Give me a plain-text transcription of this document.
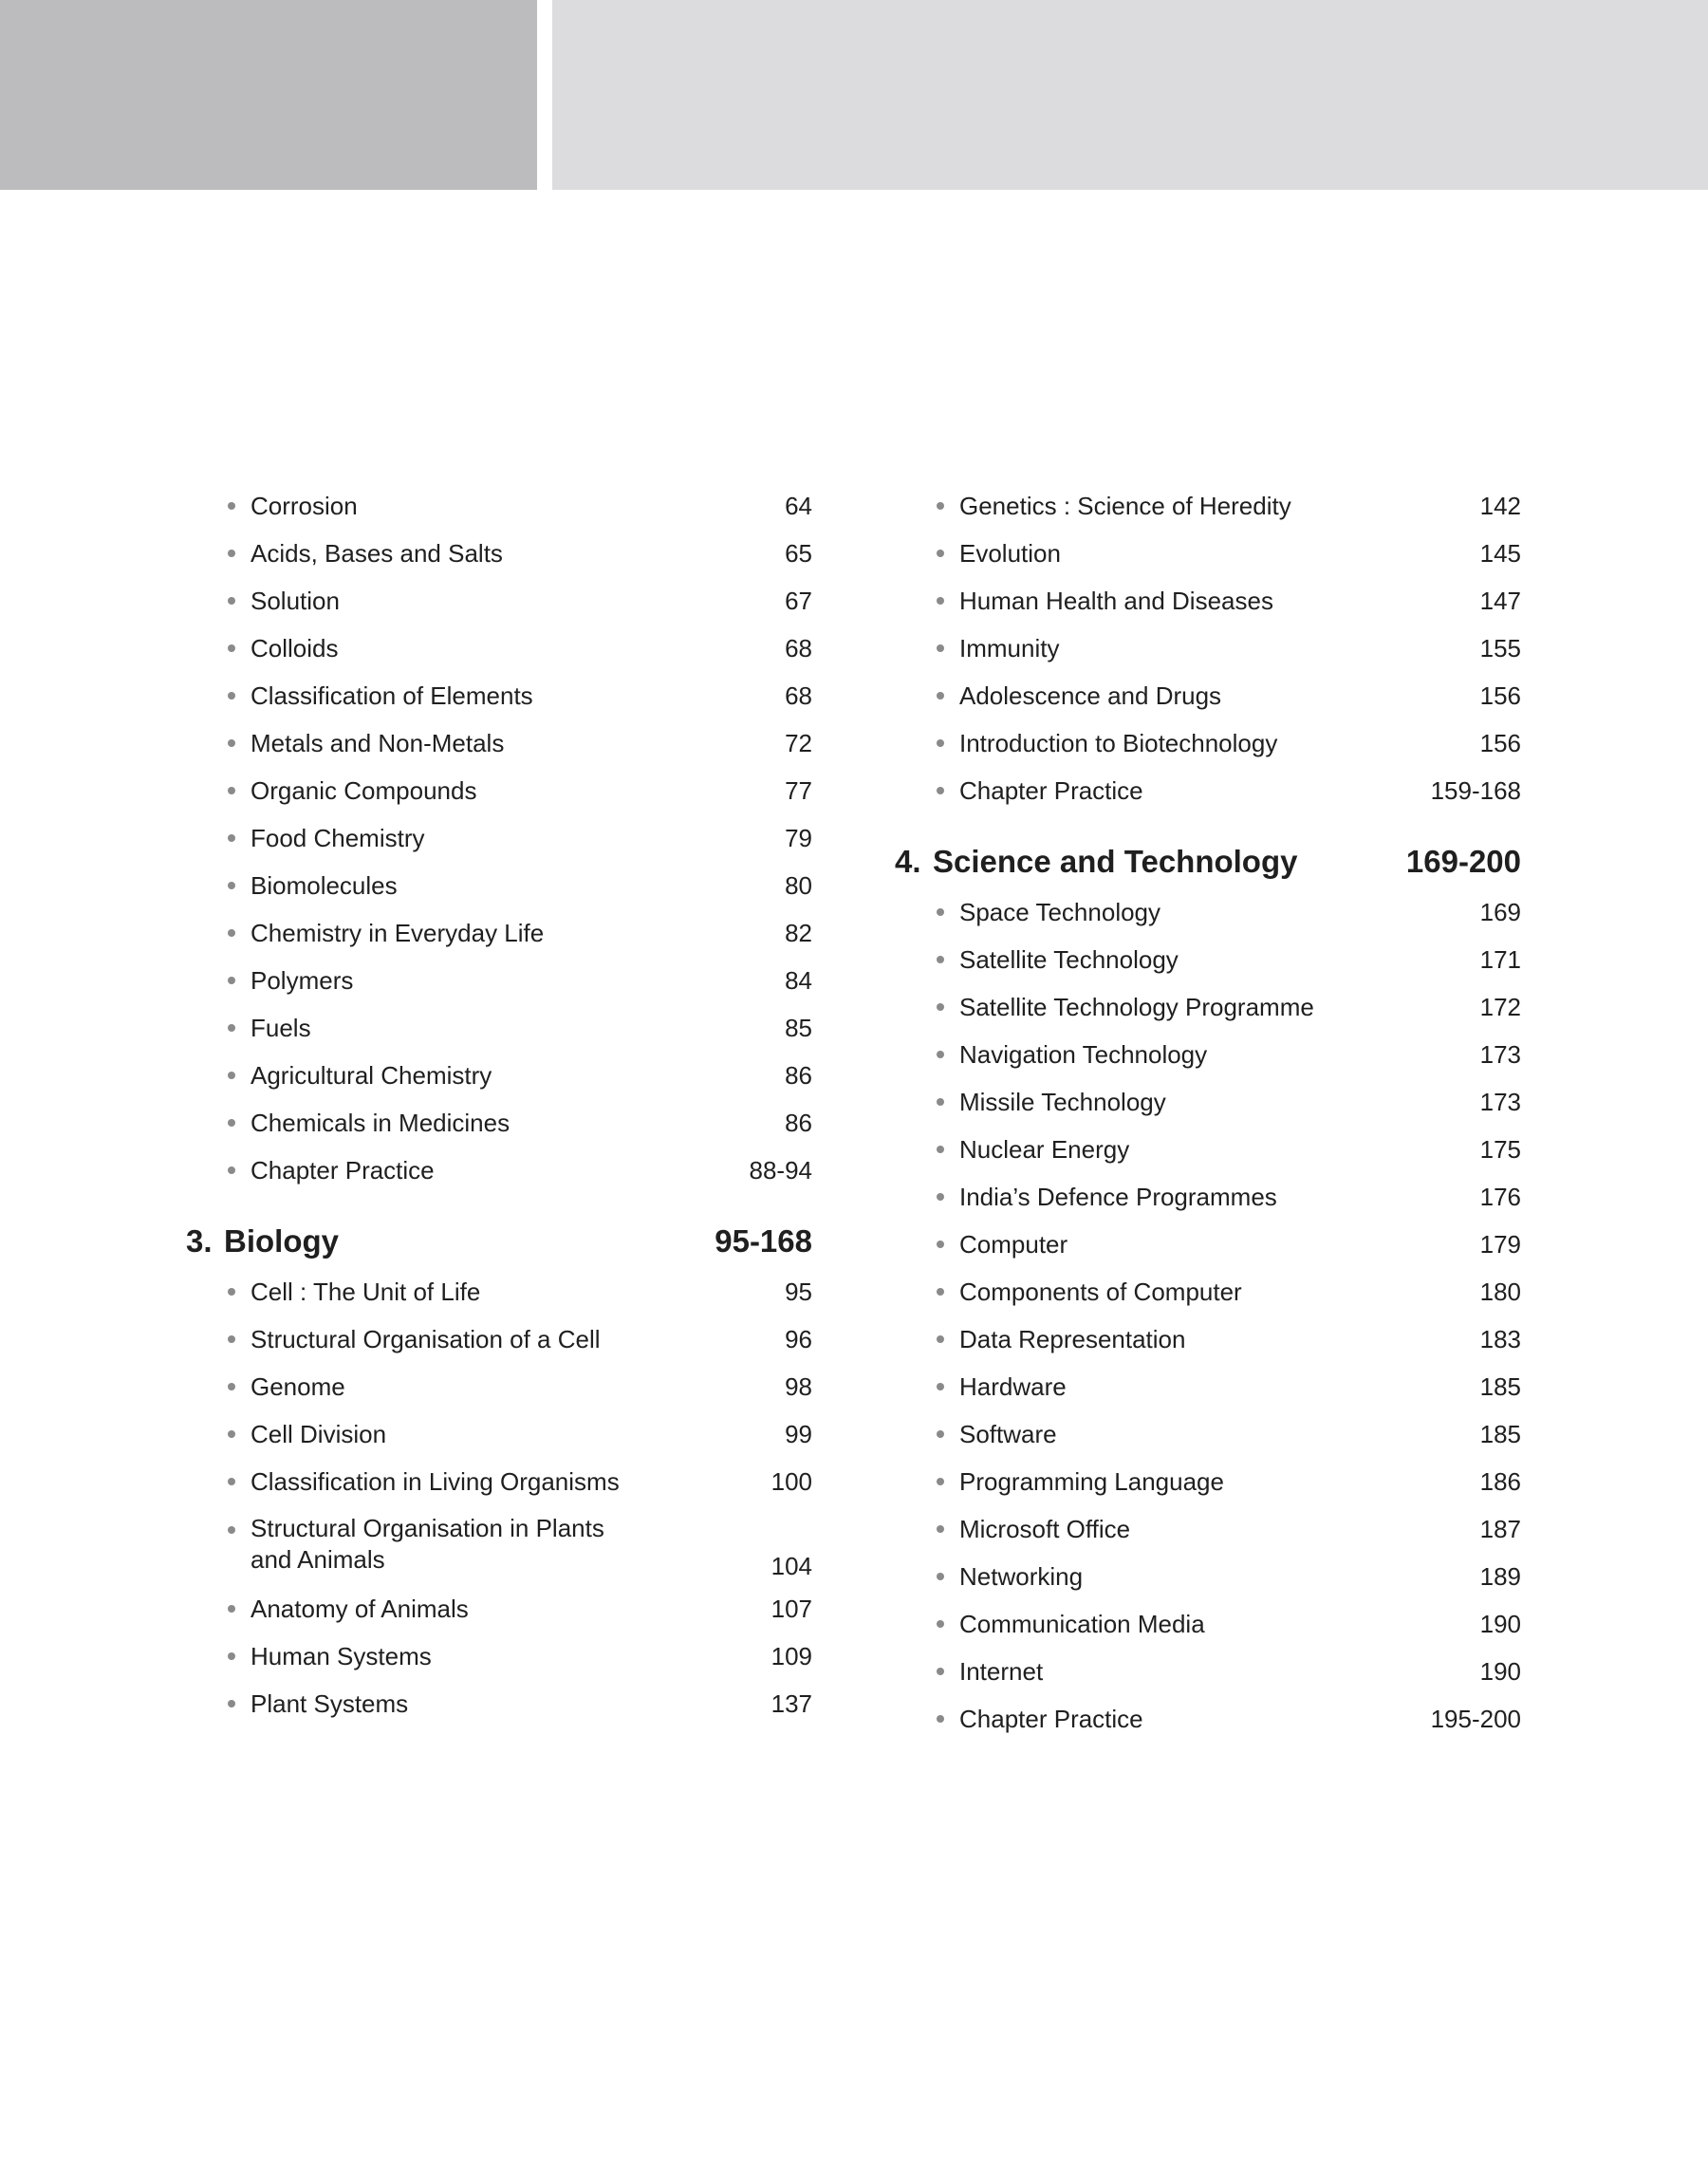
Corrosion	64
Acids, Bases and Salts	65
Solution	67
Colloids	68
Classification of Elements	68
Metals and Non-Metals	72
Organic Compounds	77
Food Chemistry	79
Biomolecules	80
Chemistry in Everyday Life	82
Polymers	84
Fuels	85
Agricultural Chemistry	86
Chemicals in Medicines	86
Chapter Practice	88-94
3. Biology	95-168
Cell : The Unit of Life	95
Structural Organisation of a Cell	96
Genome	98
Cell Division	99
Classification in Living Organisms	100
Structural Organisation in Plants and Animals	104
Anatomy of Animals	107
Human Systems	109
Plant Systems	137
Genetics : Science of Heredity	142
Evolution	145
Human Health and Diseases	147
Immunity	155
Adolescence and Drugs	156
Introduction to Biotechnology	156
Chapter Practice	159-168
4. Science and Technology	169-200
Space Technology	169
Satellite Technology	171
Satellite Technology Programme	172
Navigation Technology	173
Missile Technology	173
Nuclear Energy	175
India’s Defence Programmes	176
Computer	179
Components of Computer	180
Data Representation	183
Hardware	185
Software	185
Programming Language	186
Microsoft Office	187
Networking	189
Communication Media	190
Internet	190
Chapter Practice	195-200
